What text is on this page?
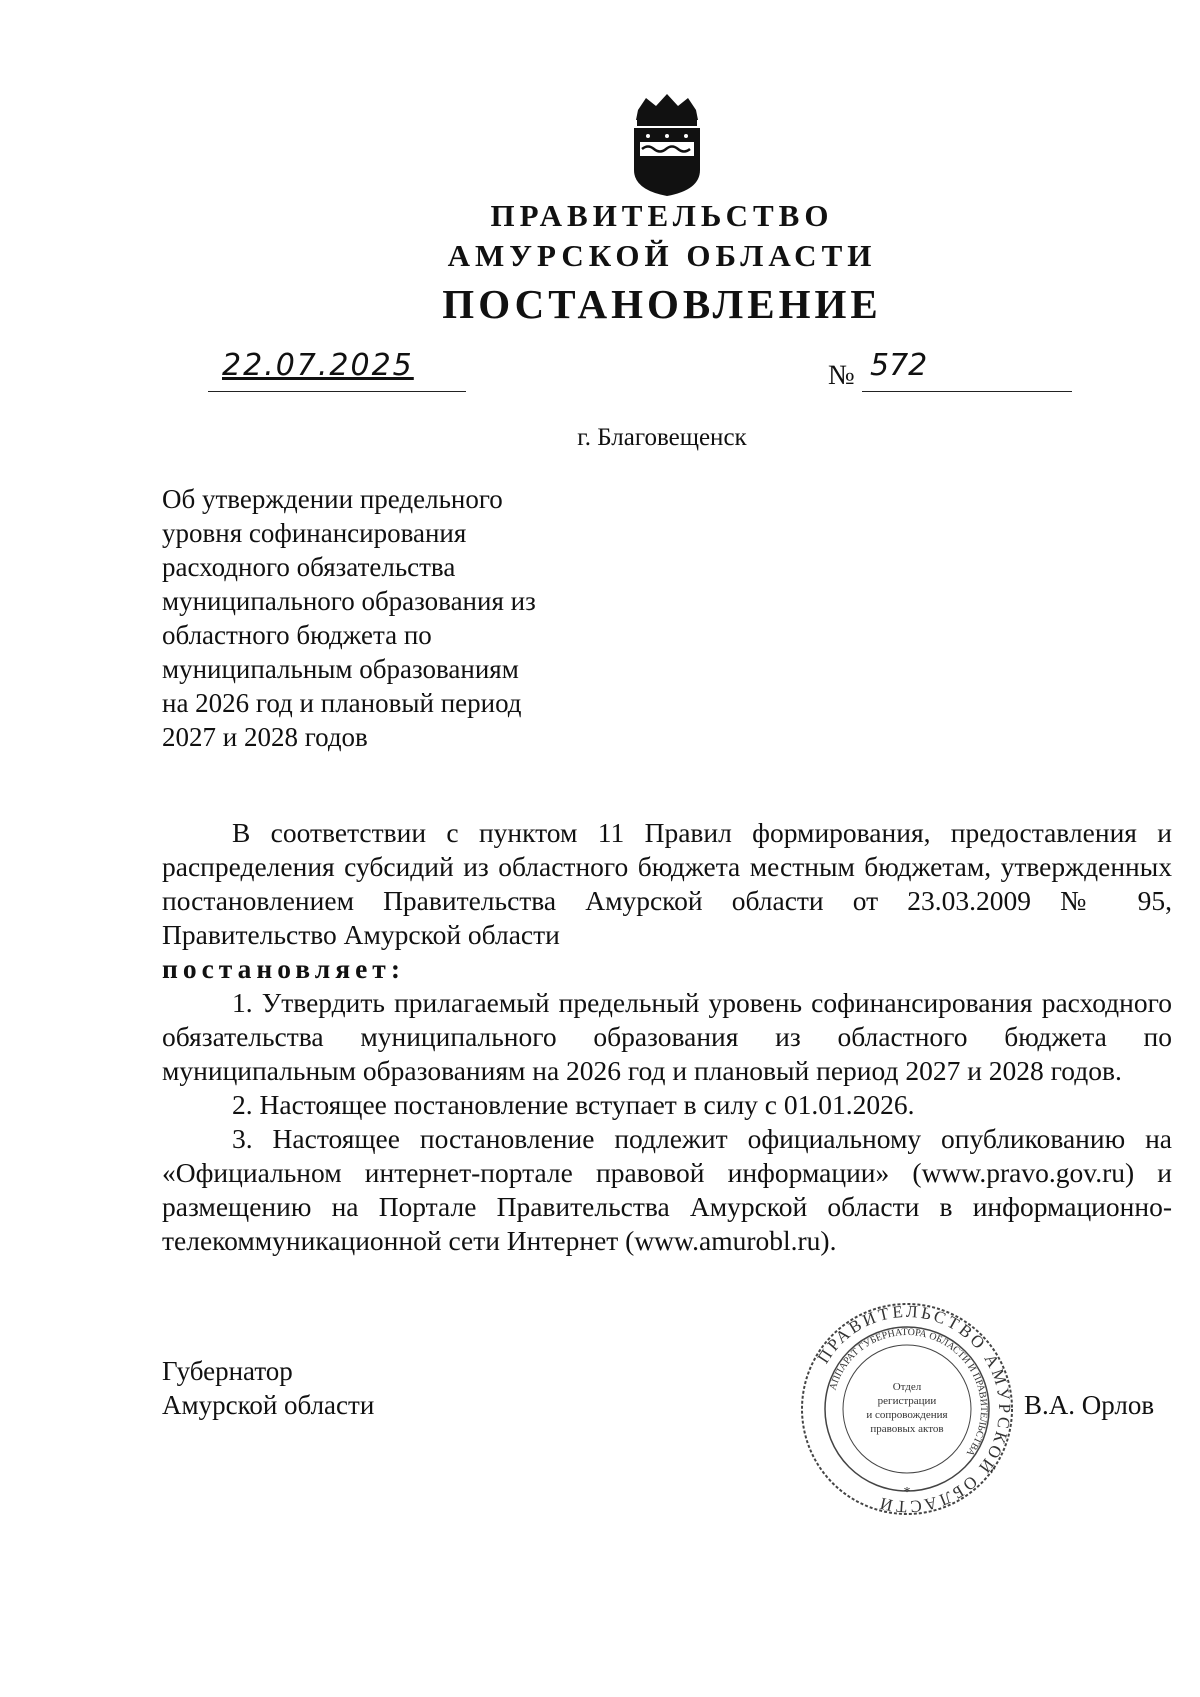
ПРАВИТЕЛЬСТВО
АМУРСКОЙ ОБЛАСТИ
ПОСТАНОВЛЕНИЕ
22.07.2025	№ 572
г. Благовещенск
Об утверждении предельного
уровня софинансирования
расходного обязательства
муниципального образования из
областного бюджета по
муниципальным образованиям
на 2026 год и плановый период
2027 и 2028 годов

В соответствии с пунктом 11 Правил формирования, предоставления и распределения субсидий из областного бюджета местным бюджетам, утвержденных постановлением Правительства Амурской области от 23.03.2009 № 95, Правительство Амурской области

постановляет:

1. Утвердить прилагаемый предельный уровень софинансирования расходного обязательства муниципального образования из областного бюджета по муниципальным образованиям на 2026 год и плановый период 2027 и 2028 годов.

2. Настоящее постановление вступает в силу с 01.01.2026.

3. Настоящее постановление подлежит официальному опубликованию на «Официальном интернет-портале правовой информации» (www.pravo.gov.ru) и размещению на Портале Правительства Амурской области в информационно-телекоммуникационной сети Интернет (www.amurobl.ru).

Губернатор
Амурской области
ПРАВИТЕЛЬСТВО АМУРСКОЙ ОБЛАСТИ
АППАРАТ ГУБЕРНАТОРА ОБЛАСТИ И ПРАВИТЕЛЬСТВА
Отдел
регистрации
и сопровождения
правовых актов
*
В.А. Орлов
